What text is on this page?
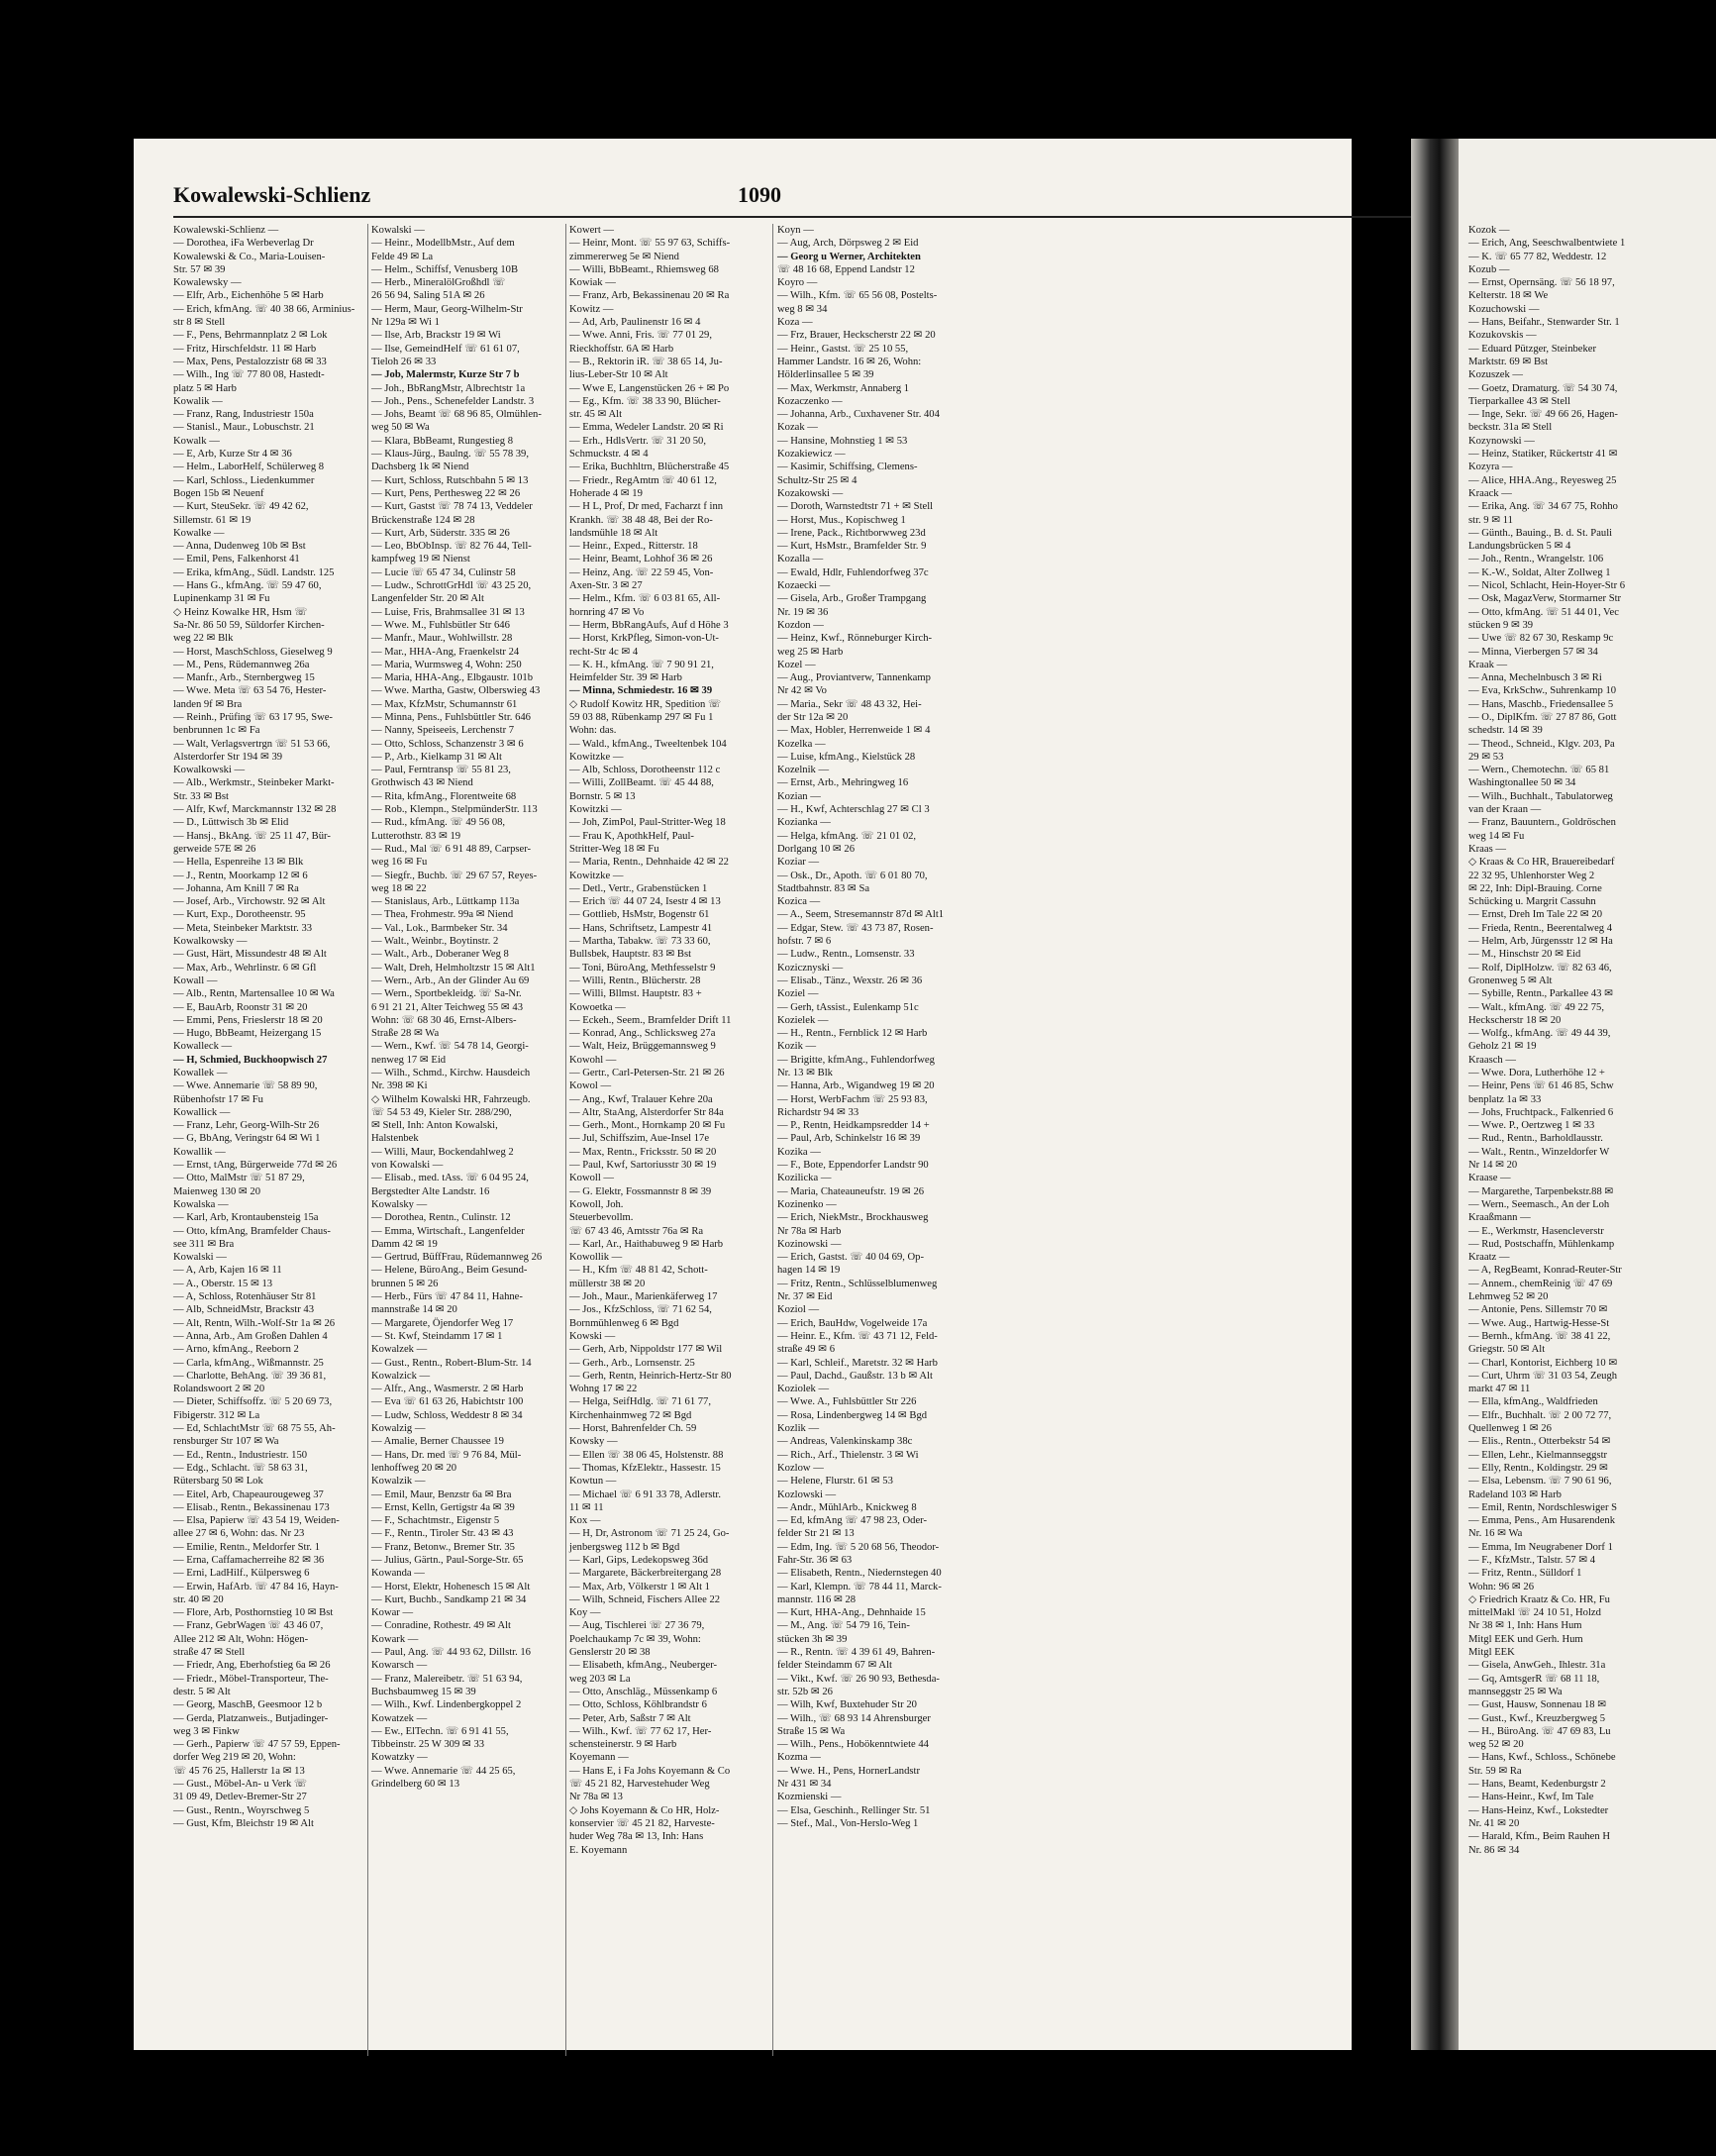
Kowalewski-Schlienz	1090
Kowalewski-Schlienz —
— Dorothea, iFa Werbeverlag Dr
Kowalewski & Co., Maria-Louisen-
Str. 57 ✉ 39
Kowalewsky —
— Elfr, Arb., Eichenhöhe 5 ✉ Harb
— Erich, kfmAng. ☏ 40 38 66, Arminius-
str 8 ✉ Stell
— F., Pens, Behrmannplatz 2 ✉ Lok
— Fritz, Hirschfeldstr. 11 ✉ Harb
— Max, Pens, Pestalozzistr 68 ✉ 33
— Wilh., Ing ☏ 77 80 08, Hastedt-
platz 5 ✉ Harb
Kowalik —
— Franz, Rang, Industriestr 150a
— Stanisl., Maur., Lobuschstr. 21
Kowalk —
— E, Arb, Kurze Str 4 ✉ 36
— Helm., LaborHelf, Schülerweg 8
— Karl, Schloss., Liedenkummer
Bogen 15b ✉ Neuenf
— Kurt, SteuSekr. ☏ 49 42 62,
Sillemstr. 61 ✉ 19
Kowalke —
— Anna, Dudenweg 10b ✉ Bst
— Emil, Pens, Falkenhorst 41
— Erika, kfmAng., Südl. Landstr. 125
— Hans G., kfmAng. ☏ 59 47 60,
Lupinenkamp 31 ✉ Fu
◇ Heinz Kowalke HR, Hsm ☏
Sa-Nr. 86 50 59, Süldorfer Kirchen-
weg 22 ✉ Blk
— Horst, MaschSchloss, Gieselweg 9
— M., Pens, Rüdemannweg 26a
— Manfr., Arb., Sternbergweg 15
— Wwe. Meta ☏ 63 54 76, Hester-
landen 9f ✉ Bra
— Reinh., Prüfing ☏ 63 17 95, Swe-
benbrunnen 1c ✉ Fa
— Walt, Verlagsvertrgn ☏ 51 53 66,
Alsterdorfer Str 194 ✉ 39
Kowalkowski —
— Alb., Werkmstr., Steinbeker Markt-
Str. 33 ✉ Bst
— Alfr, Kwf, Marckmannstr 132 ✉ 28
— D., Lüttwisch 3b ✉ Elid
— Hansj., BkAng. ☏ 25 11 47, Bür-
gerweide 57E ✉ 26
— Hella, Espenreihe 13 ✉ Blk
— J., Rentn, Moorkamp 12 ✉ 6
— Johanna, Am Knill 7 ✉ Ra
— Josef, Arb., Virchowstr. 92 ✉ Alt
— Kurt, Exp., Dorotheenstr. 95
— Meta, Steinbeker Marktstr. 33
Kowalkowsky —
— Gust, Härt, Missundestr 48 ✉ Alt
— Max, Arb., Wehrlinstr. 6 ✉ Gfl
Kowall —
— Alb., Rentn, Martensallee 10 ✉ Wa
— E, BauArb, Roonstr 31 ✉ 20
— Emmi, Pens, Frieslerstr 18 ✉ 20
— Hugo, BbBeamt, Heizergang 15
Kowalleck —
— H, Schmied, Buckhoopwisch 27
Kowallek —
— Wwe. Annemarie ☏ 58 89 90,
Rübenhofstr 17 ✉ Fu
Kowallick —
— Franz, Lehr, Georg-Wilh-Str 26
— G, BbAng, Veringstr 64 ✉ Wi 1
Kowallik —
— Ernst, tAng, Bürgerweide 77d ✉ 26
— Otto, MalMstr ☏ 51 87 29,
Maienweg 130 ✉ 20
Kowalska —
— Karl, Arb, Krontaubensteig 15a
— Otto, kfmAng, Bramfelder Chaus-
see 311 ✉ Bra
Kowalski —
— A, Arb, Kajen 16 ✉ 11
— A., Oberstr. 15 ✉ 13
— A, Schloss, Rotenhäuser Str 81
— Alb, SchneidMstr, Brackstr 43
— Alt, Rentn, Wilh.-Wolf-Str 1a ✉ 26
— Anna, Arb., Am Großen Dahlen 4
— Arno, kfmAng., Reeborn 2
— Carla, kfmAng., Wißmannstr. 25
— Charlotte, BehAng. ☏ 39 36 81,
Rolandswoort 2 ✉ 20
— Dieter, Schiffsoffz. ☏ 5 20 69 73,
Fibigerstr. 312 ✉ La
— Ed, SchlachtMstr ☏ 68 75 55, Ah-
rensburger Str 107 ✉ Wa
— Ed., Rentn., Industriestr. 150
— Edg., Schlacht. ☏ 58 63 31,
Rütersbarg 50 ✉ Lok
— Eitel, Arb, Chapeaurougeweg 37
— Elisab., Rentn., Bekassinenau 173
— Elsa, Papierw ☏ 43 54 19, Weiden-
allee 27 ✉ 6, Wohn: das. Nr 23
— Emilie, Rentn., Meldorfer Str. 1
— Erna, Caffamacherreihe 82 ✉ 36
— Erni, LadHilf., Külpersweg 6
— Erwin, HafArb. ☏ 47 84 16, Hayn-
str. 40 ✉ 20
— Flore, Arb, Posthornstieg 10 ✉ Bst
— Franz, GebrWagen ☏ 43 46 07,
Allee 212 ✉ Alt, Wohn: Högen-
straße 47 ✉ Stell
— Friedr, Ang, Eberhofstieg 6a ✉ 26
— Friedr., Möbel-Transporteur, The-
destr. 5 ✉ Alt
— Georg, MaschB, Geesmoor 12 b
— Gerda, Platzanweis., Butjadinger-
weg 3 ✉ Finkw
— Gerh., Papierw ☏ 47 57 59, Eppen-
dorfer Weg 219 ✉ 20, Wohn:
☏ 45 76 25, Hallerstr 1a ✉ 13
— Gust., Möbel-An- u Verk ☏
31 09 49, Detlev-Bremer-Str 27
— Gust., Rentn., Woyrschweg 5
— Gust, Kfm, Bleichstr 19 ✉ Alt
Kowalski —
— Heinr., ModellbMstr., Auf dem
Felde 49 ✉ La
— Helm., Schiffsf, Venusberg 10B
— Herb., MineralölGroßhdl ☏
26 56 94, Saling 51A ✉ 26
— Herm, Maur, Georg-Wilhelm-Str
Nr 129a ✉ Wi 1
— Ilse, Arb, Brackstr 19 ✉ Wi
— Ilse, GemeindHelf ☏ 61 61 07,
Tieloh 26 ✉ 33
— Job, Malermstr, Kurze Str 7 b
— Joh., BbRangMstr, Albrechtstr 1a
— Joh., Pens., Schenefelder Landstr. 3
— Johs, Beamt ☏ 68 96 85, Olmühlen-
weg 50 ✉ Wa
— Klara, BbBeamt, Rungestieg 8
— Klaus-Jürg., Baulng. ☏ 55 78 39,
Dachsberg 1k ✉ Niend
— Kurt, Schloss, Rutschbahn 5 ✉ 13
— Kurt, Pens, Perthesweg 22 ✉ 26
— Kurt, Gastst ☏ 78 74 13, Veddeler
Brückenstraße 124 ✉ 28
— Kurt, Arb, Süderstr. 335 ✉ 26
— Leo, BbObInsp. ☏ 82 76 44, Tell-
kampfweg 19 ✉ Nienst
— Lucie ☏ 65 47 34, Culinstr 58
— Ludw., SchrottGrHdl ☏ 43 25 20,
Langenfelder Str. 20 ✉ Alt
— Luise, Fris, Brahmsallee 31 ✉ 13
— Wwe. M., Fuhlsbütler Str 646
— Manfr., Maur., Wohlwillstr. 28
— Mar., HHA-Ang, Fraenkelstr 24
— Maria, Wurmsweg 4, Wohn: 250
— Maria, HHA-Ang., Elbgaustr. 101b
— Wwe. Martha, Gastw, Olberswieg 43
— Max, KfzMstr, Schumannstr 61
— Minna, Pens., Fuhlsbüttler Str. 646
— Nanny, Speiseeis, Lerchenstr 7
— Otto, Schloss, Schanzenstr 3 ✉ 6
— P., Arb., Kielkamp 31 ✉ Alt
— Paul, Ferntransp ☏ 55 81 23,
Grothwisch 43 ✉ Niend
— Rita, kfmAng., Florentweite 68
— Rob., Klempn., StelpmünderStr. 113
— Rud., kfmAng. ☏ 49 56 08,
Lutterothstr. 83 ✉ 19
— Rud., Mal ☏ 6 91 48 89, Carpser-
weg 16 ✉ Fu
— Siegfr., Buchb. ☏ 29 67 57, Reyes-
weg 18 ✉ 22
— Stanislaus, Arb., Lüttkamp 113a
— Thea, Frohmestr. 99a ✉ Niend
— Val., Lok., Barmbeker Str. 34
— Walt., Weinbr., Boytinstr. 2
— Walt., Arb., Doberaner Weg 8
— Walt, Dreh, Helmholtzstr 15 ✉ Alt1
— Wern., Arb., An der Glinder Au 69
— Wern., Sportbekleidg. ☏ Sa-Nr.
6 91 21 21, Alter Teichweg 55 ✉ 43
Wohn: ☏ 68 30 46, Ernst-Albers-
Straße 28 ✉ Wa
— Wern., Kwf. ☏ 54 78 14, Georgi-
nenweg 17 ✉ Eid
— Wilh., Schmd., Kirchw. Hausdeich
Nr. 398 ✉ Ki
◇ Wilhelm Kowalski HR, Fahrzeugb.
☏ 54 53 49, Kieler Str. 288/290,
✉ Stell, Inh: Anton Kowalski,
Halstenbek
— Willi, Maur, Bockendahlweg 2
von Kowalski —
— Elisab., med. tAss. ☏ 6 04 95 24,
Bergstedter Alte Landstr. 16
Kowalsky —
— Dorothea, Rentn., Culinstr. 12
— Emma, Wirtschaft., Langenfelder
Damm 42 ✉ 19
— Gertrud, BüffFrau, Rüdemannweg 26
— Helene, BüroAng., Beim Gesund-
brunnen 5 ✉ 26
— Herb., Fürs ☏ 47 84 11, Hahne-
mannstraße 14 ✉ 20
— Margarete, Öjendorfer Weg 17
— St. Kwf, Steindamm 17 ✉ 1
Kowalzek —
— Gust., Rentn., Robert-Blum-Str. 14
Kowalzick —
— Alfr., Ang., Wasmerstr. 2 ✉ Harb
— Eva ☏ 61 63 26, Habichtstr 100
— Ludw, Schloss, Weddestr 8 ✉ 34
Kowalzig —
— Amalie, Berner Chaussee 19
— Hans, Dr. med ☏ 9 76 84, Mül-
lenhoffweg 20 ✉ 20
Kowalzik —
— Emil, Maur, Benzstr 6a ✉ Bra
— Ernst, Kelln, Gertigstr 4a ✉ 39
— F., Schachtmstr., Eigenstr 5
— F., Rentn., Tiroler Str. 43 ✉ 43
— Franz, Betonw., Bremer Str. 35
— Julius, Gärtn., Paul-Sorge-Str. 65
Kowanda —
— Horst, Elektr, Hohenesch 15 ✉ Alt
— Kurt, Buchb., Sandkamp 21 ✉ 34
Kowar —
— Conradine, Rothestr. 49 ✉ Alt
Kowark —
— Paul, Ang. ☏ 44 93 62, Dillstr. 16
Kowarsch —
— Franz, Malereibetr. ☏ 51 63 94,
Buchsbaumweg 15 ✉ 39
— Wilh., Kwf. Lindenbergkoppel 2
Kowatzek —
— Ew., ElTechn. ☏ 6 91 41 55,
Tibbeinstr. 25 W 309 ✉ 33
Kowatzky —
— Wwe. Annemarie ☏ 44 25 65,
Grindelberg 60 ✉ 13
Kowert —
— Heinr, Mont. ☏ 55 97 63, Schiffs-
zimmererweg 5e ✉ Niend
— Willi, BbBeamt., Rhiemsweg 68
Kowiak —
— Franz, Arb, Bekassinenau 20 ✉ Ra
Kowitz —
— Ad, Arb, Paulinenstr 16 ✉ 4
— Wwe. Anni, Fris. ☏ 77 01 29,
Rieckhoffstr. 6A ✉ Harb
— B., Rektorin iR. ☏ 38 65 14, Ju-
lius-Leber-Str 10 ✉ Alt
— Wwe E, Langenstücken 26 + ✉ Po
— Eg., Kfm. ☏ 38 33 90, Blücher-
str. 45 ✉ Alt
— Emma, Wedeler Landstr. 20 ✉ Ri
— Erh., HdlsVertr. ☏ 31 20 50,
Schmuckstr. 4 ✉ 4
— Erika, Buchhltrn, Blücherstraße 45
— Friedr., RegAmtm ☏ 40 61 12,
Hoherade 4 ✉ 19
— H L, Prof, Dr med, Facharzt f inn
Krankh. ☏ 38 48 48, Bei der Ro-
landsmühle 18 ✉ Alt
— Heinr., Exped., Ritterstr. 18
— Heinr, Beamt, Lohhof 36 ✉ 26
— Heinz, Ang. ☏ 22 59 45, Von-
Axen-Str. 3 ✉ 27
— Helm., Kfm. ☏ 6 03 81 65, All-
hornring 47 ✉ Vo
— Herm, BbRangAufs, Auf d Höhe 3
— Horst, KrkPfleg, Simon-von-Ut-
recht-Str 4c ✉ 4
— K. H., kfmAng. ☏ 7 90 91 21,
Heimfelder Str. 39 ✉ Harb
— Minna, Schmiedestr. 16 ✉ 39
◇ Rudolf Kowitz HR, Spedition ☏
59 03 88, Rübenkamp 297 ✉ Fu 1
Wohn: das.
— Wald., kfmAng., Tweeltenbek 104
Kowitzke —
— Alb, Schloss, Dorotheenstr 112 c
— Willi, ZollBeamt. ☏ 45 44 88,
Bornstr. 5 ✉ 13
Kowitzki —
— Joh, ZimPol, Paul-Stritter-Weg 18
— Frau K, ApothkHelf, Paul-
Stritter-Weg 18 ✉ Fu
— Maria, Rentn., Dehnhaide 42 ✉ 22
Kowitzke —
— Detl., Vertr., Grabenstücken 1
— Erich ☏ 44 07 24, Isestr 4 ✉ 13
— Gottlieb, HsMstr, Bogenstr 61
— Hans, Schriftsetz, Lampestr 41
— Martha, Tabakw. ☏ 73 33 60,
Bullsbek, Hauptstr. 83 ✉ Bst
— Toni, BüroAng, Methfesselstr 9
— Willi, Rentn., Blücherstr. 28
— Willi, Bllmst. Hauptstr. 83 +
Kowoetka —
— Eckeh., Seem., Bramfelder Drift 11
— Konrad, Ang., Schlicksweg 27a
— Walt, Heiz, Brüggemannsweg 9
Kowohl —
— Gertr., Carl-Petersen-Str. 21 ✉ 26
Kowol —
— Ang., Kwf, Tralauer Kehre 20a
— Altr, StaAng, Alsterdorfer Str 84a
— Gerh., Mont., Hornkamp 20 ✉ Fu
— Jul, Schiffszim, Aue-Insel 17e
— Max, Rentn., Fricksstr. 50 ✉ 20
— Paul, Kwf, Sartoriusstr 30 ✉ 19
Kowoll —
— G. Elektr, Fossmannstr 8 ✉ 39
Kowoll, Joh.
Steuerbevollm.
☏ 67 43 46, Amtsstr 76a ✉ Ra
— Karl, Ar., Haithabuweg 9 ✉ Harb
Kowollik —
— H., Kfm ☏ 48 81 42, Schott-
müllerstr 38 ✉ 20
— Joh., Maur., Marienkäferweg 17
— Jos., KfzSchloss, ☏ 71 62 54,
Bornmühlenweg 6 ✉ Bgd
Kowski —
— Gerh, Arb, Nippoldstr 177 ✉ Wil
— Gerh., Arb., Lornsenstr. 25
— Gerh, Rentn, Heinrich-Hertz-Str 80
Wohng 17 ✉ 22
— Helga, SeifHdlg. ☏ 71 61 77,
Kirchenhainmweg 72 ✉ Bgd
— Horst, Bahrenfelder Ch. 59
Kowsky —
— Ellen ☏ 38 06 45, Holstenstr. 88
— Thomas, KfzElektr., Hassestr. 15
Kowtun —
— Michael ☏ 6 91 33 78, Adlerstr.
11 ✉ 11
Kox —
— H, Dr, Astronom ☏ 71 25 24, Go-
jenbergsweg 112 b ✉ Bgd
— Karl, Gips, Ledekopsweg 36d
— Margarete, Bäckerbreitergang 28
— Max, Arb, Völkerstr 1 ✉ Alt 1
— Wilh, Schneid, Fischers Allee 22
Koy —
— Aug, Tischlerei ☏ 27 36 79,
Poelchaukamp 7c ✉ 39, Wohn:
Genslerstr 20 ✉ 38
— Elisabeth, kfmAng., Neuberger-
weg 203 ✉ La
— Otto, Anschläg., Müssenkamp 6
— Otto, Schloss, Köhlbrandstr 6
— Peter, Arb, Saßstr 7 ✉ Alt
— Wilh., Kwf. ☏ 77 62 17, Her-
schensteinerstr. 9 ✉ Harb
Koyemann —
— Hans E, i Fa Johs Koyemann & Co
☏ 45 21 82, Harvestehuder Weg
Nr 78a ✉ 13
◇ Johs Koyemann & Co HR, Holz-
konservier ☏ 45 21 82, Harveste-
huder Weg 78a ✉ 13, Inh: Hans
E. Koyemann
Koyn —
— Aug, Arch, Dörpsweg 2 ✉ Eid
— Georg u Werner, Architekten
☏ 48 16 68, Eppend Landstr 12
Koyro —
— Wilh., Kfm. ☏ 65 56 08, Postelts-
weg 8 ✉ 34
Koza —
— Frz, Brauer, Heckscherstr 22 ✉ 20
— Heinr., Gastst. ☏ 25 10 55,
Hammer Landstr. 16 ✉ 26, Wohn:
Hölderlinsallee 5 ✉ 39
— Max, Werkmstr, Annaberg 1
Kozaczenko —
— Johanna, Arb., Cuxhavener Str. 404
Kozak —
— Hansine, Mohnstieg 1 ✉ 53
Kozakiewicz —
— Kasimir, Schiffsing, Clemens-
Schultz-Str 25 ✉ 4
Kozakowski —
— Doroth, Warnstedtstr 71 + ✉ Stell
— Horst, Mus., Kopischweg 1
— Irene, Pack., Richtborwweg 23d
— Kurt, HsMstr., Bramfelder Str. 9
Kozalla —
— Ewald, Hdlr, Fuhlendorfweg 37c
Kozaecki —
— Gisela, Arb., Großer Trampgang
Nr. 19 ✉ 36
Kozdon —
— Heinz, Kwf., Rönneburger Kirch-
weg 25 ✉ Harb
Kozel —
— Aug., Proviantverw, Tannenkamp
Nr 42 ✉ Vo
— Maria., Sekr ☏ 48 43 32, Hei-
der Str 12a ✉ 20
— Max, Hobler, Herrenweide 1 ✉ 4
Kozelka —
— Luise, kfmAng., Kielstück 28
Kozelnik —
— Ernst, Arb., Mehringweg 16
Kozian —
— H., Kwf, Achterschlag 27 ✉ Cl 3
Kozianka —
— Helga, kfmAng. ☏ 21 01 02,
Dorlgang 10 ✉ 26
Koziar —
— Osk., Dr., Apoth. ☏ 6 01 80 70,
Stadtbahnstr. 83 ✉ Sa
Kozica —
— A., Seem, Stresemannstr 87d ✉ Alt1
— Edgar, Stew. ☏ 43 73 87, Rosen-
hofstr. 7 ✉ 6
— Ludw., Rentn., Lomsenstr. 33
Kozicznyski —
— Elisab., Tänz., Wexstr. 26 ✉ 36
Koziel —
— Gerh, tAssist., Eulenkamp 51c
Kozielek —
— H., Rentn., Fernblick 12 ✉ Harb
Kozik —
— Brigitte, kfmAng., Fuhlendorfweg
Nr. 13 ✉ Blk
— Hanna, Arb., Wigandweg 19 ✉ 20
— Horst, WerbFachm ☏ 25 93 83,
Richardstr 94 ✉ 33
— P., Rentn, Heidkampsredder 14 +
— Paul, Arb, Schinkelstr 16 ✉ 39
Kozika —
— F., Bote, Eppendorfer Landstr 90
Kozilicka —
— Maria, Chateauneufstr. 19 ✉ 26
Kozinenko —
— Erich, NiekMstr., Brockhausweg
Nr 78a ✉ Harb
Kozinowski —
— Erich, Gastst. ☏ 40 04 69, Op-
hagen 14 ✉ 19
— Fritz, Rentn., Schlüsselblumenweg
Nr. 37 ✉ Eid
Koziol —
— Erich, BauHdw, Vogelweide 17a
— Heinr. E., Kfm. ☏ 43 71 12, Feld-
straße 49 ✉ 6
— Karl, Schleif., Maretstr. 32 ✉ Harb
— Paul, Dachd., Gaußstr. 13 b ✉ Alt
Koziolek —
— Wwe. A., Fuhlsbüttler Str 226
— Rosa, Lindenbergweg 14 ✉ Bgd
Kozlik —
— Andreas, Valenkinskamp 38c
— Rich., Arf., Thielenstr. 3 ✉ Wi
Kozlow —
— Helene, Flurstr. 61 ✉ 53
Kozlowski —
— Andr., MühlArb., Knickweg 8
— Ed, kfmAng ☏ 47 98 23, Oder-
felder Str 21 ✉ 13
— Edm, Ing. ☏ 5 20 68 56, Theodor-
Fahr-Str. 36 ✉ 63
— Elisabeth, Rentn., Niedernstegen 40
— Karl, Klempn. ☏ 78 44 11, Marck-
mannstr. 116 ✉ 28
— Kurt, HHA-Ang., Dehnhaide 15
— M., Ang. ☏ 54 79 16, Tein-
stücken 3h ✉ 39
— R., Rentn. ☏ 4 39 61 49, Bahren-
felder Steindamm 67 ✉ Alt
— Vikt., Kwf. ☏ 26 90 93, Bethesda-
str. 52b ✉ 26
— Wilh, Kwf, Buxtehuder Str 20
— Wilh., ☏ 68 93 14 Ahrensburger
Straße 15 ✉ Wa
— Wilh., Pens., Hobökenntwiete 44
Kozma —
— Wwe. H., Pens, HornerLandstr
Nr 431 ✉ 34
Kozmienski —
— Elsa, Geschinh., Rellinger Str. 51
— Stef., Mal., Von-Herslo-Weg 1
Kozok —
— Erich, Ang, Seeschwalbentwiete 1
— K. ☏ 65 77 82, Weddestr. 12
Kozub —
— Ernst, Opernsäng. ☏ 56 18 97,
Kelterstr. 18 ✉ We
Kozuchowski —
— Hans, Beifahr., Stenwarder Str. 1
Kozukovskis —
— Eduard Pützger, Steinbeker
Marktstr. 69 ✉ Bst
Kozuszek —
— Goetz, Dramaturg. ☏ 54 30 74,
Tierparkallee 43 ✉ Stell
— Inge, Sekr. ☏ 49 66 26, Hagen-
beckstr. 31a ✉ Stell
Kozynowski —
— Heinz, Statiker, Rückertstr 41 ✉
Kozyra —
— Alice, HHA.Ang., Reyesweg 25
Kraack —
— Erika, Ang. ☏ 34 67 75, Rohho
str. 9 ✉ 11
— Günth., Bauing., B. d. St. Pauli
Landungsbrücken 5 ✉ 4
— Joh., Rentn., Wrangelstr. 106
— K.-W., Soldat, Alter Zollweg 1
— Nicol, Schlacht, Hein-Hoyer-Str 6
— Osk, MagazVerw, Stormarner Str
— Otto, kfmAng. ☏ 51 44 01, Vec
stücken 9 ✉ 39
— Uwe ☏ 82 67 30, Reskamp 9c
— Minna, Vierbergen 57 ✉ 34
Kraak —
— Anna, Mechelnbusch 3 ✉ Ri
— Eva, KrkSchw., Suhrenkamp 10
— Hans, Maschb., Friedensallee 5
— O., DiplKfm. ☏ 27 87 86, Gott
schedstr. 14 ✉ 39
— Theod., Schneid., Klgv. 203, Pa
29 ✉ 53
— Wern., Chemotechn. ☏ 65 81
Washingtonallee 50 ✉ 34
— Wilh., Buchhalt., Tabulatorweg
van der Kraan —
— Franz, Bauuntern., Goldröschen
weg 14 ✉ Fu
Kraas —
◇ Kraas & Co HR, Brauereibedarf
22 32 95, Uhlenhorster Weg 2
✉ 22, Inh: Dipl-Brauing. Corne
Schücking u. Margrit Cassuhn
— Ernst, Dreh Im Tale 22 ✉ 20
— Frieda, Rentn., Beerentalweg 4
— Helm, Arb, Jürgensstr 12 ✉ Ha
— M., Hinschstr 20 ✉ Eid
— Rolf, DiplHolzw. ☏ 82 63 46,
Gronenweg 5 ✉ Alt
— Sybille, Rentn., Parkallee 43 ✉
— Walt., kfmAng. ☏ 49 22 75,
Heckscherstr 18 ✉ 20
— Wolfg., kfmAng. ☏ 49 44 39,
Geholz 21 ✉ 19
Kraasch —
— Wwe. Dora, Lutherhöhe 12 +
— Heinr, Pens ☏ 61 46 85, Schw
benplatz 1a ✉ 33
— Johs, Fruchtpack., Falkenried 6
— Wwe. P., Oertzweg 1 ✉ 33
— Rud., Rentn., Barholdlausstr.
— Walt., Rentn., Winzeldorfer W
Nr 14 ✉ 20
Kraase —
— Margarethe, Tarpenbekstr.88 ✉
— Wern., Seemasch., An der Loh
Kraaßmann —
— E., Werkmstr, Hasencleverstr
— Rud, Postschaffn, Mühlenkamp
Kraatz —
— A, RegBeamt, Konrad-Reuter-Str
— Annem., chemReinig ☏ 47 69
Lehmweg 52 ✉ 20
— Antonie, Pens. Sillemstr 70 ✉
— Wwe. Aug., Hartwig-Hesse-St
— Bernh., kfmAng. ☏ 38 41 22,
Griegstr. 50 ✉ Alt
— Charl, Kontorist, Eichberg 10 ✉
— Curt, Uhrm ☏ 31 03 54, Zeugh
markt 47 ✉ 11
— Ella, kfmAng., Waldfrieden
— Elfr., Buchhalt. ☏ 2 00 72 77,
Quellenweg 1 ✉ 26
— Elis., Rentn., Otterbekstr 54 ✉
— Ellen, Lehr., Kielmannseggstr
— Elly, Rentn., Koldingstr. 29 ✉
— Elsa, Lebensm. ☏ 7 90 61 96,
Radeland 103 ✉ Harb
— Emil, Rentn, Nordschleswiger S
— Emma, Pens., Am Husarendenk
Nr. 16 ✉ Wa
— Emma, Im Neugrabener Dorf 1
— F., KfzMstr., Talstr. 57 ✉ 4
— Fritz, Rentn., Sülldorf 1
Wohn: 96 ✉ 26
◇ Friedrich Kraatz & Co. HR, Fu
mittelMakl ☏ 24 10 51, Holzd
Nr 38 ✉ 1, Inh: Hans Hum
Mitgl EEK und Gerh. Hum
Mitgl EEK
— Gisela, AnwGeh., Ihlestr. 31a
— Gq, AmtsgerR ☏ 68 11 18,
mannseggstr 25 ✉ Wa
— Gust, Hausw, Sonnenau 18 ✉
— Gust., Kwf., Kreuzbergweg 5
— H., BüroAng. ☏ 47 69 83, Lu
weg 52 ✉ 20
— Hans, Kwf., Schloss., Schönebe
Str. 59 ✉ Ra
— Hans, Beamt, Kedenburgstr 2
— Hans-Heinr., Kwf, Im Tale
— Hans-Heinz, Kwf., Lokstedter
Nr. 41 ✉ 20
— Harald, Kfm., Beim Rauhen H
Nr. 86 ✉ 34
